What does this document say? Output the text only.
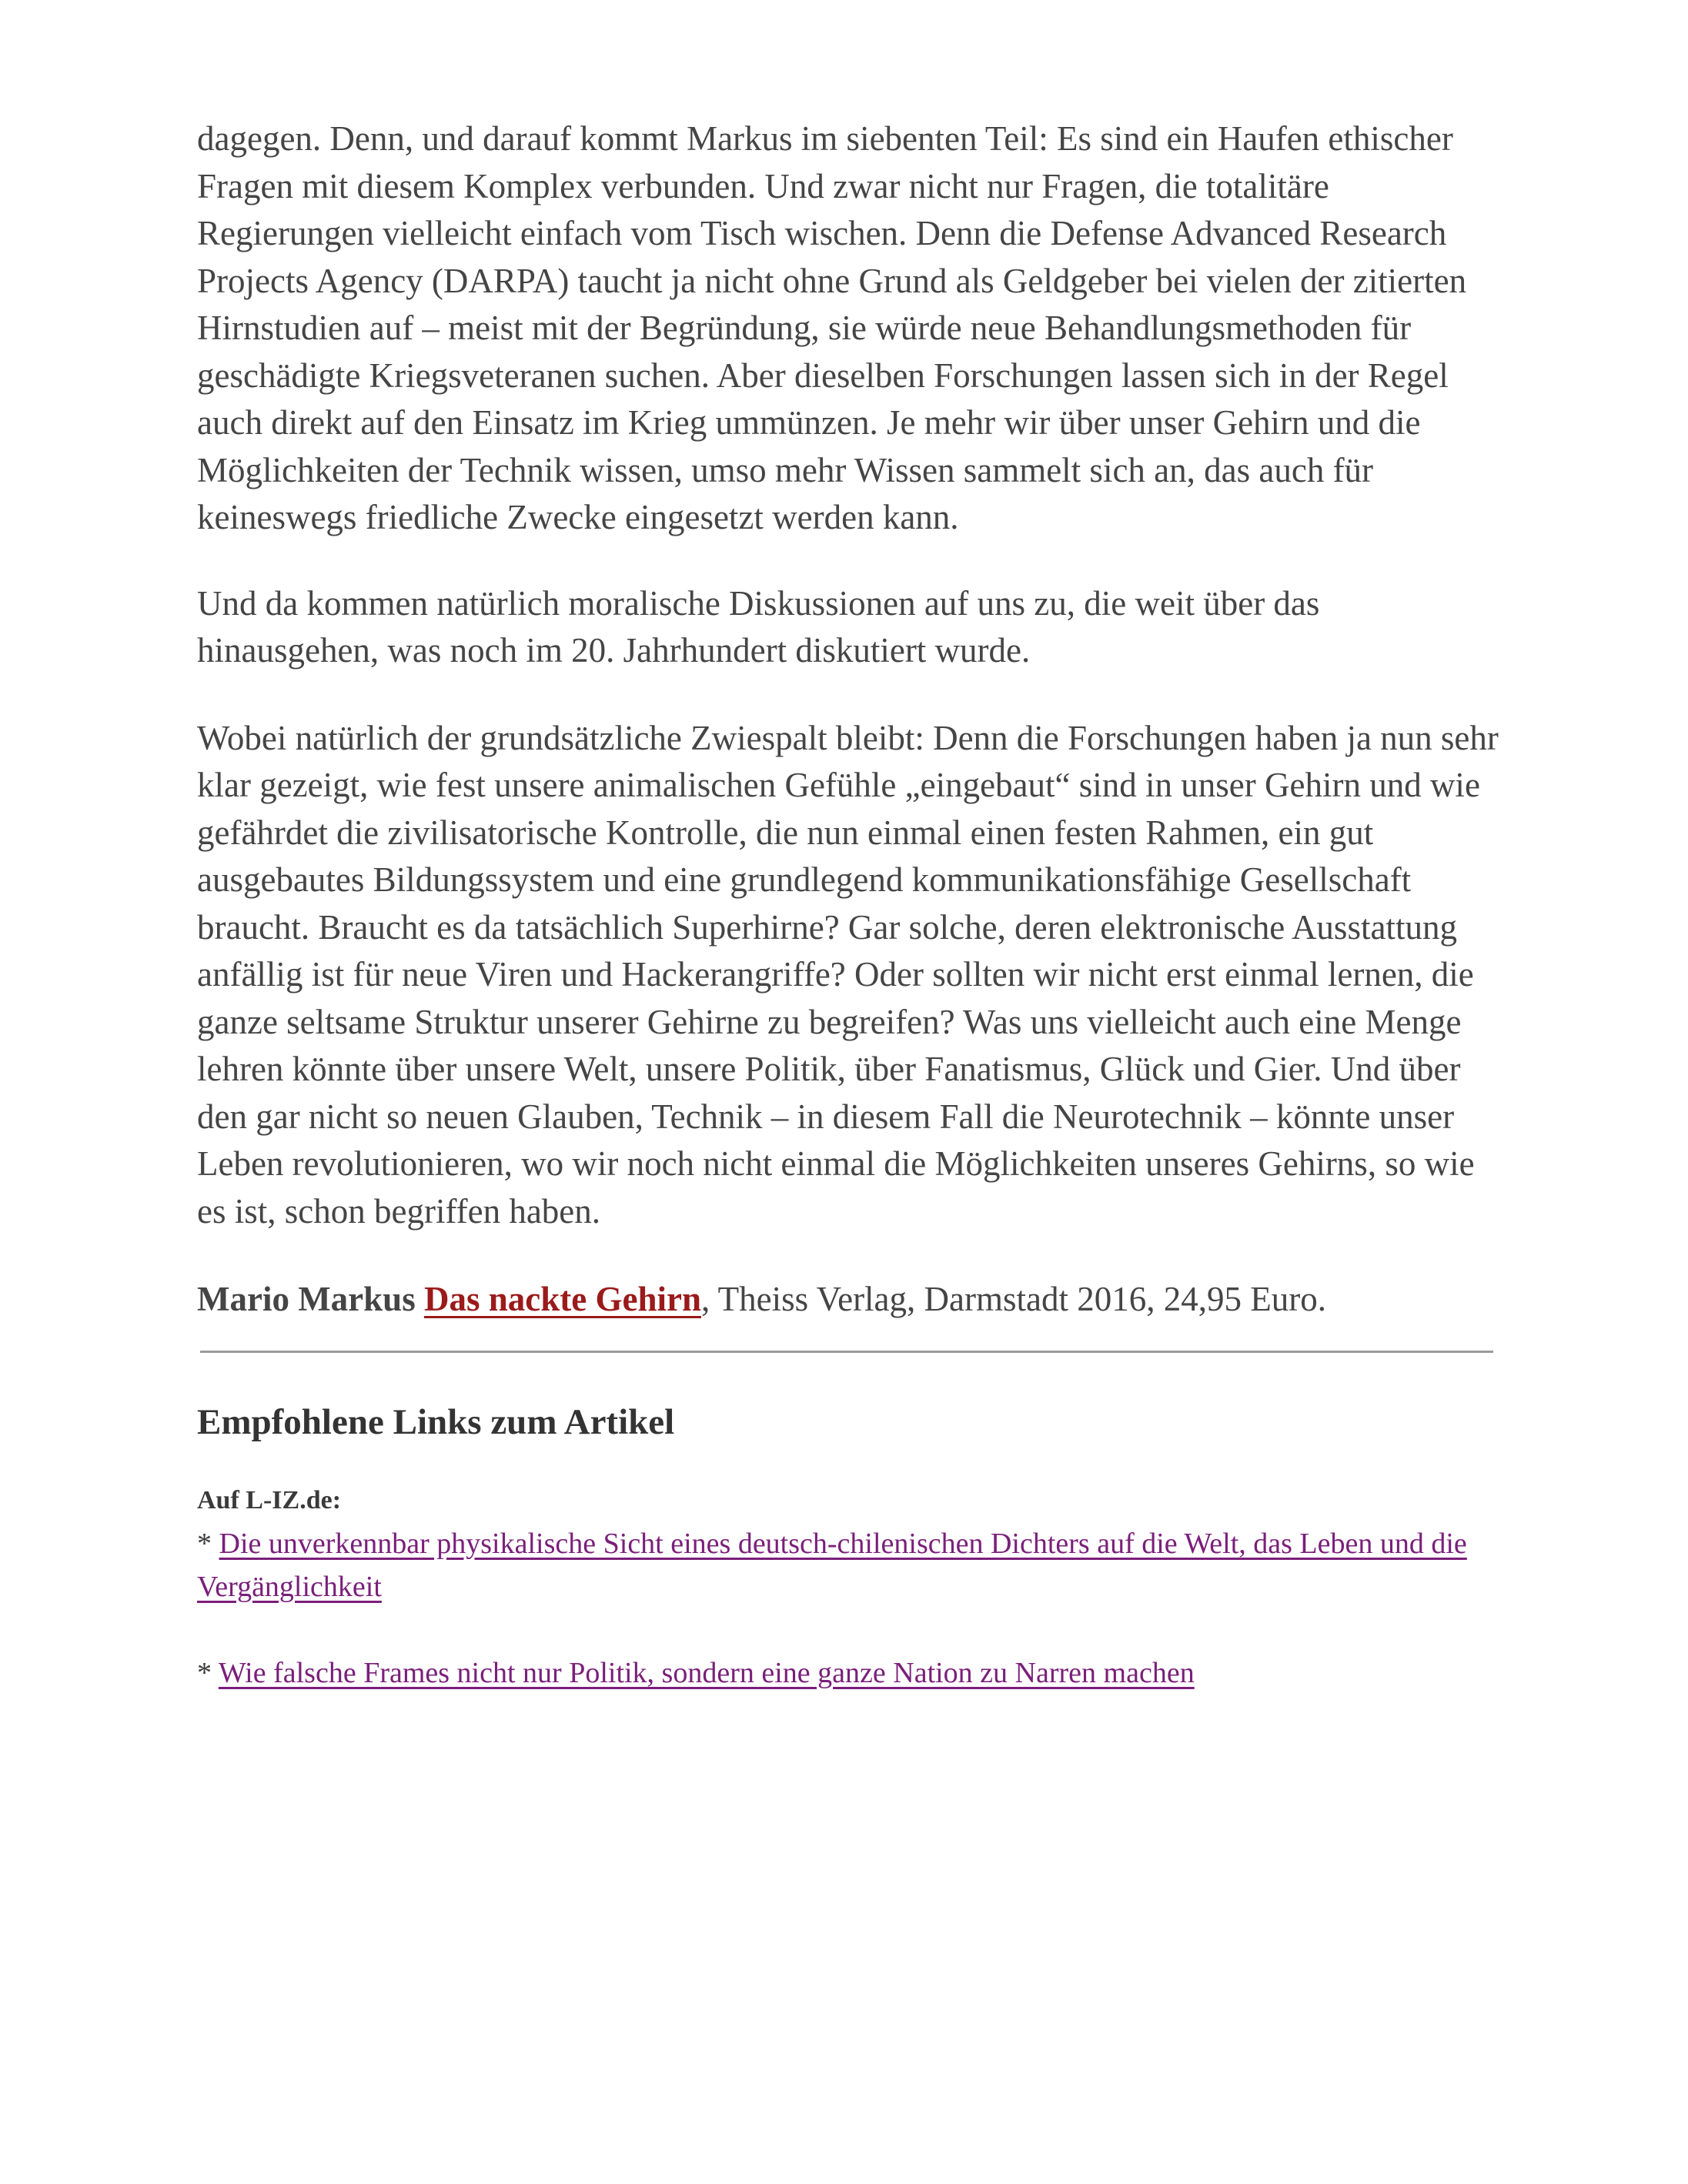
dagegen. Denn, und darauf kommt Markus im siebenten Teil: Es sind ein Haufen ethischer Fragen mit diesem Komplex verbunden. Und zwar nicht nur Fragen, die totalitäre Regierungen vielleicht einfach vom Tisch wischen. Denn die Defense Advanced Research Projects Agency (DARPA) taucht ja nicht ohne Grund als Geldgeber bei vielen der zitierten Hirnstudien auf – meist mit der Begründung, sie würde neue Behandlungsmethoden für geschädigte Kriegsveteranen suchen. Aber dieselben Forschungen lassen sich in der Regel auch direkt auf den Einsatz im Krieg ummünzen. Je mehr wir über unser Gehirn und die Möglichkeiten der Technik wissen, umso mehr Wissen sammelt sich an, das auch für keineswegs friedliche Zwecke eingesetzt werden kann.

Und da kommen natürlich moralische Diskussionen auf uns zu, die weit über das hinausgehen, was noch im 20. Jahrhundert diskutiert wurde.

Wobei natürlich der grundsätzliche Zwiespalt bleibt: Denn die Forschungen haben ja nun sehr klar gezeigt, wie fest unsere animalischen Gefühle „eingebaut“ sind in unser Gehirn und wie gefährdet die zivilisatorische Kontrolle, die nun einmal einen festen Rahmen, ein gut ausgebautes Bildungssystem und eine grundlegend kommunikationsfähige Gesellschaft braucht. Braucht es da tatsächlich Superhirne? Gar solche, deren elektronische Ausstattung anfällig ist für neue Viren und Hackerangriffe? Oder sollten wir nicht erst einmal lernen, die ganze seltsame Struktur unserer Gehirne zu begreifen? Was uns vielleicht auch eine Menge lehren könnte über unsere Welt, unsere Politik, über Fanatismus, Glück und Gier. Und über den gar nicht so neuen Glauben, Technik – in diesem Fall die Neurotechnik – könnte unser Leben revolutionieren, wo wir noch nicht einmal die Möglichkeiten unseres Gehirns, so wie es ist, schon begriffen haben.

Mario Markus Das nackte Gehirn, Theiss Verlag, Darmstadt 2016, 24,95 Euro.

Empfohlene Links zum Artikel
Auf L-IZ.de:

* Die unverkennbar physikalische Sicht eines deutsch-chilenischen Dichters auf die Welt, das Leben und die Vergänglichkeit

* Wie falsche Frames nicht nur Politik, sondern eine ganze Nation zu Narren machen
